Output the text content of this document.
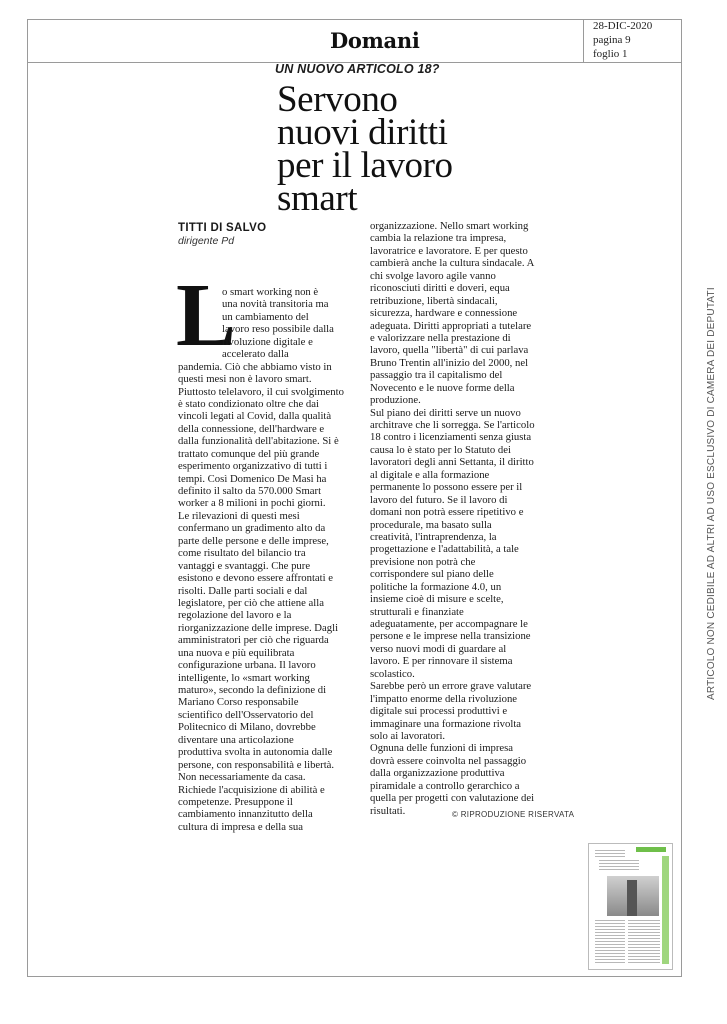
Domani
28-DIC-2020
pagina 9
foglio 1
UN NUOVO ARTICOLO 18?
Servono
nuovi diritti
per il lavoro
smart
TITTI DI SALVO
dirigente Pd
L
o smart working non è
una novità transitoria ma
un cambiamento del
lavoro reso possibile dalla
rivoluzione digitale e
accelerato dalla
pandemia. Ciò che abbiamo visto in
questi mesi non è lavoro smart.
Piuttosto telelavoro, il cui svolgimento
è stato condizionato oltre che dai
vincoli legati al Covid, dalla qualità
della connessione, dell'hardware e
dalla funzionalità dell'abitazione. Si è
trattato comunque del più grande
esperimento organizzativo di tutti i
tempi. Così Domenico De Masi ha
definito il salto da 570.000 Smart
worker a 8 milioni in pochi giorni.
Le rilevazioni di questi mesi
confermano un gradimento alto da
parte delle persone e delle imprese,
come risultato del bilancio tra
vantaggi e svantaggi. Che pure
esistono e devono essere affrontati e
risolti. Dalle parti sociali e dal
legislatore, per ciò che attiene alla
regolazione del lavoro e la
riorganizzazione delle imprese. Dagli
amministratori per ciò che riguarda
una nuova e più equilibrata
configurazione urbana. Il lavoro
intelligente, lo «smart working
maturo», secondo la definizione di
Mariano Corso responsabile
scientifico dell'Osservatorio del
Politecnico di Milano, dovrebbe
diventare una articolazione
produttiva svolta in autonomia dalle
persone, con responsabilità e libertà.
Non necessariamente da casa.
Richiede l'acquisizione di abilità e
competenze. Presuppone il
cambiamento innanzitutto della
cultura di impresa e della sua
organizzazione. Nello smart working
cambia la relazione tra impresa,
lavoratrice e lavoratore. E per questo
cambierà anche la cultura sindacale. A
chi svolge lavoro agile vanno
riconosciuti diritti e doveri, equa
retribuzione, libertà sindacali,
sicurezza, hardware e connessione
adeguata. Diritti appropriati a tutelare
e valorizzare nella prestazione di
lavoro, quella "libertà" di cui parlava
Bruno Trentin all'inizio del 2000, nel
passaggio tra il capitalismo del
Novecento e le nuove forme della
produzione.
Sul piano dei diritti serve un nuovo
architrave che li sorregga. Se l'articolo
18 contro i licenziamenti senza giusta
causa lo è stato per lo Statuto dei
lavoratori degli anni Settanta, il diritto
al digitale e alla formazione
permanente lo possono essere per il
lavoro del futuro. Se il lavoro di
domani non potrà essere ripetitivo e
procedurale, ma basato sulla
creatività, l'intraprendenza, la
progettazione e l'adattabilità, a tale
previsione non potrà che
corrispondere sul piano delle
politiche la formazione 4.0, un
insieme cioè di misure e scelte,
strutturali e finanziate
adeguatamente, per accompagnare le
persone e le imprese nella transizione
verso nuovi modi di guardare al
lavoro. E per rinnovare il sistema
scolastico.
Sarebbe però un errore grave valutare
l'impatto enorme della rivoluzione
digitale sui processi produttivi e
immaginare una formazione rivolta
solo ai lavoratori.
Ognuna delle funzioni di impresa
dovrà essere coinvolta nel passaggio
dalla organizzazione produttiva
piramidale a controllo gerarchico a
quella per progetti con valutazione dei
risultati.	© RIPRODUZIONE RISERVATA
ARTICOLO NON CEDIBILE AD ALTRI AD USO ESCLUSIVO DI CAMERA DEI DEPUTATI
